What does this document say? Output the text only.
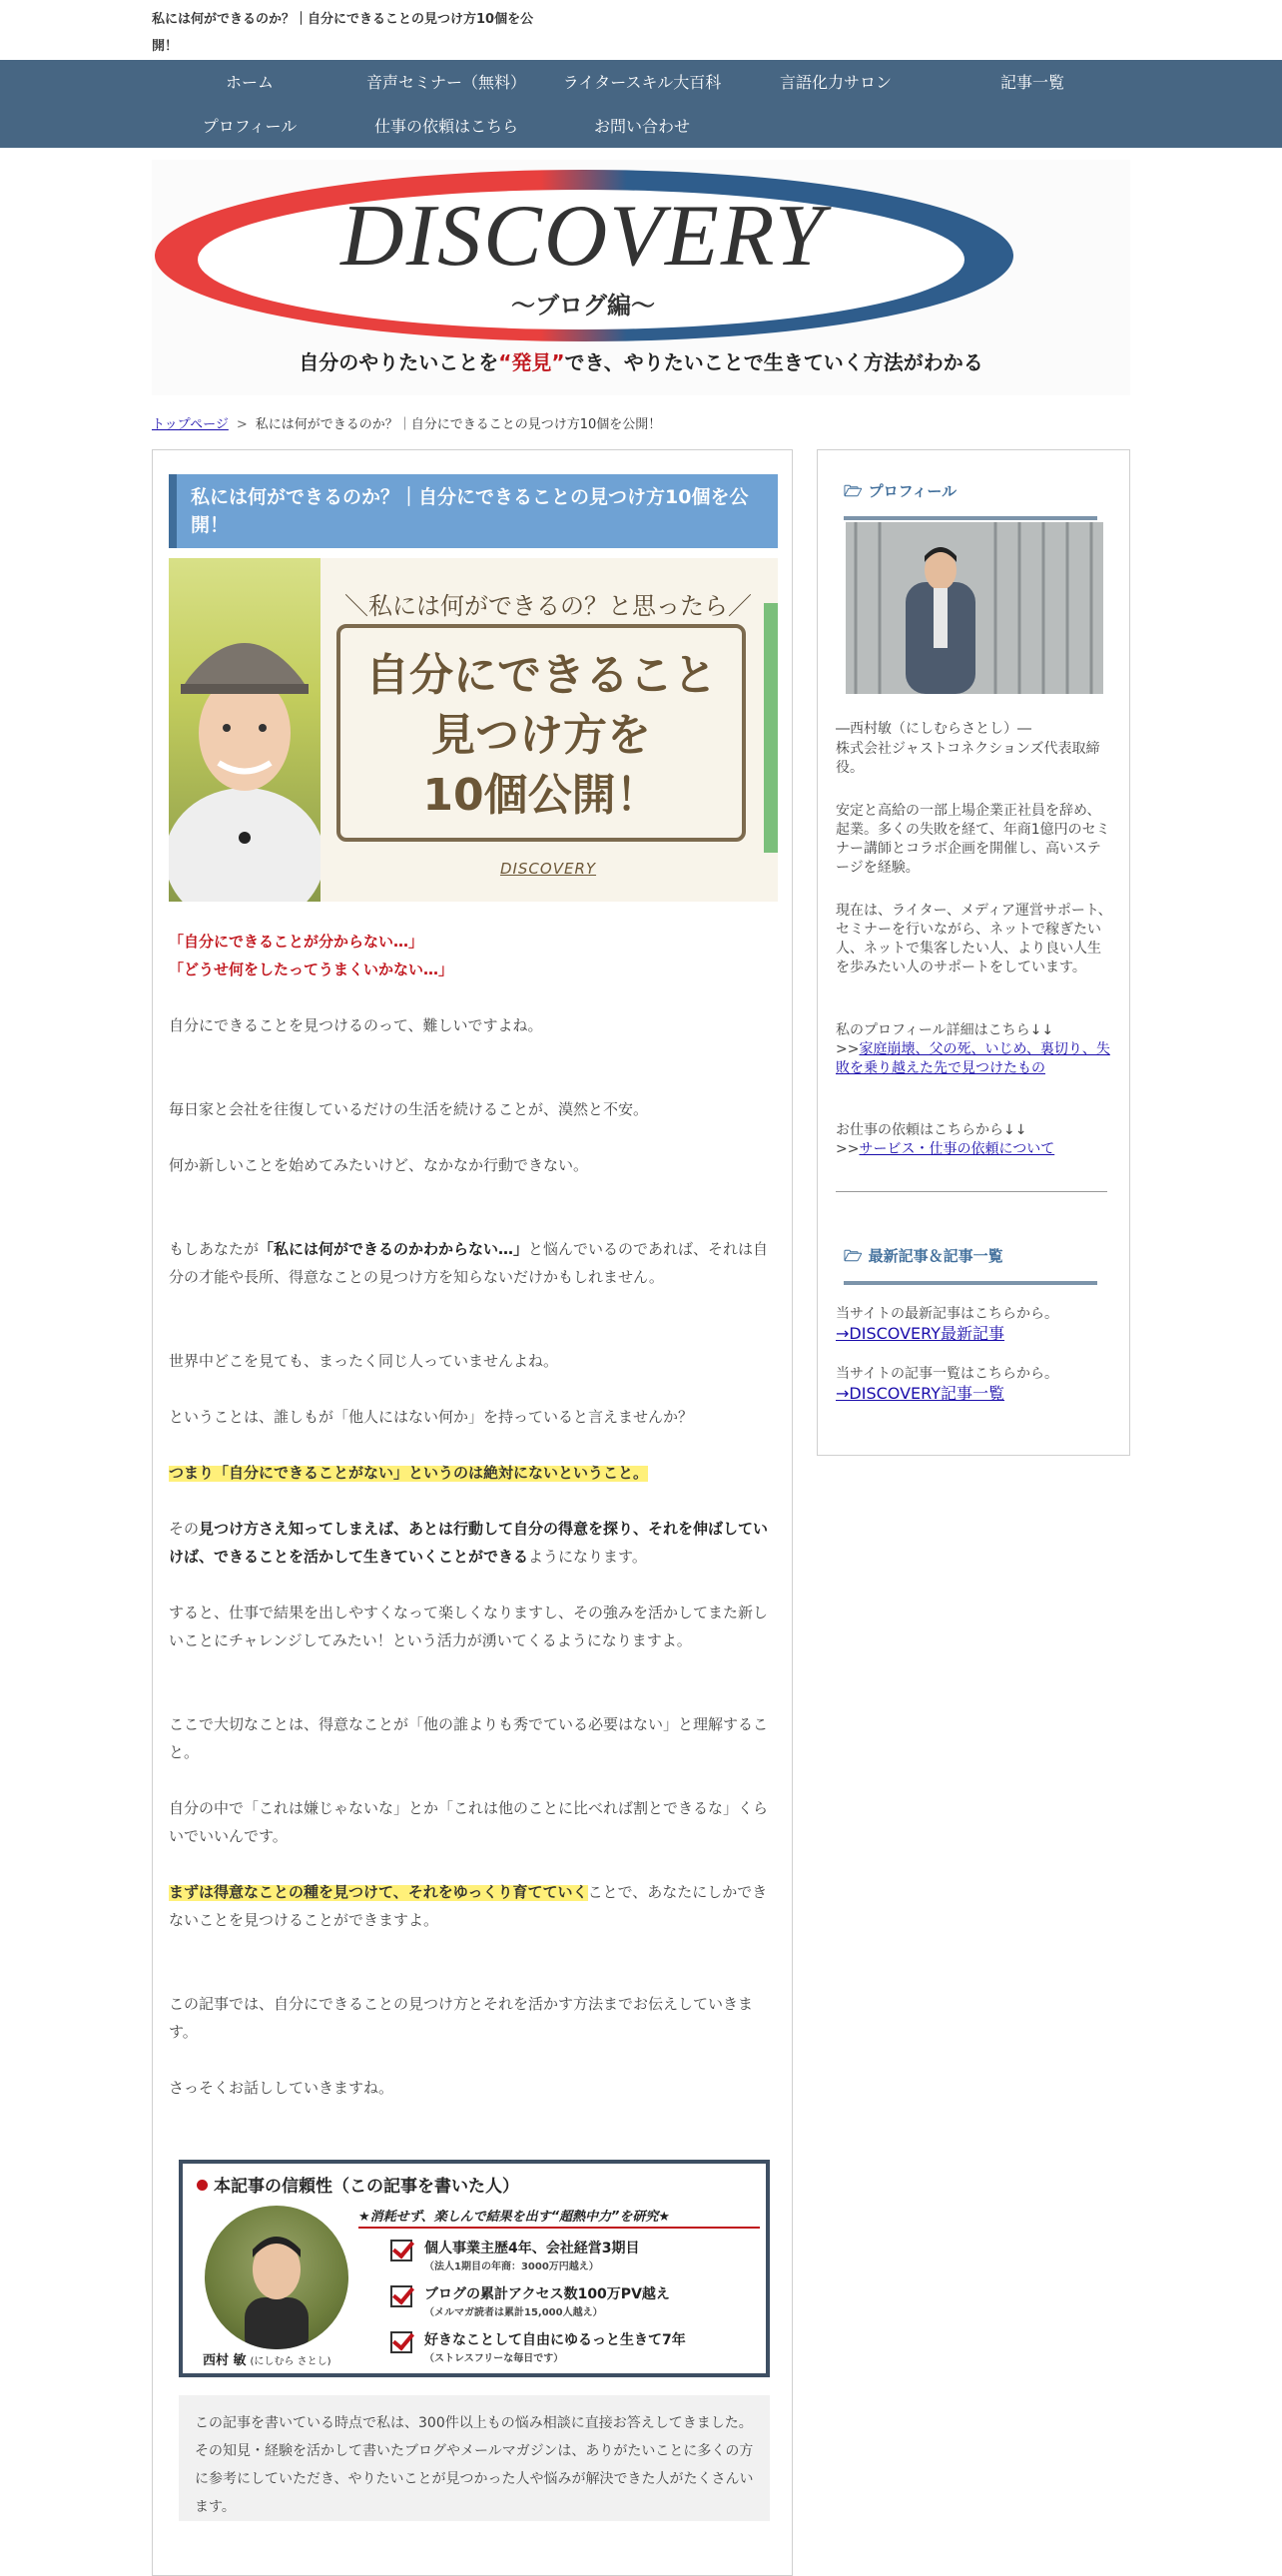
私には何ができるのか？｜自分にできることの見つけ方10個を公開！
ホーム	音声セミナー（無料）	ライタースキル大百科	言語化力サロン	記事一覧
プロフィール	仕事の依頼はこちら	お問い合わせ
DISCOVERY
〜ブログ編〜
自分のやりたいことを“発見”でき、やりたいことで生きていく方法がわかる
トップページ > 私には何ができるのか？｜自分にできることの見つけ方10個を公開！
私には何ができるのか？｜自分にできることの見つけ方10個を公開！
＼私には何ができるの？と思ったら／
自分にできること
見つけ方を
10個公開！
DISCOVERY
「自分にできることが分からない…」
「どうせ何をしたってうまくいかない…」
自分にできることを見つけるのって、難しいですよね。
毎日家と会社を往復しているだけの生活を続けることが、漠然と不安。
何か新しいことを始めてみたいけど、なかなか行動できない。
もしあなたが「私には何ができるのかわからない…」と悩んでいるのであれば、それは自分の才能や長所、得意なことの見つけ方を知らないだけかもしれません。
世界中どこを見ても、まったく同じ人っていませんよね。
ということは、誰しもが「他人にはない何か」を持っていると言えませんか？
つまり「自分にできることがない」というのは絶対にないということ。
その見つけ方さえ知ってしまえば、あとは行動して自分の得意を探り、それを伸ばしていけば、できることを活かして生きていくことができるようになります。
すると、仕事で結果を出しやすくなって楽しくなりますし、その強みを活かしてまた新しいことにチャレンジしてみたい！という活力が湧いてくるようになりますよ。
ここで大切なことは、得意なことが「他の誰よりも秀でている必要はない」と理解すること。
自分の中で「これは嫌じゃないな」とか「これは他のことに比べれば割とできるな」くらいでいいんです。
まずは得意なことの種を見つけて、それをゆっくり育てていくことで、あなたにしかできないことを見つけることができますよ。
この記事では、自分にできることの見つけ方とそれを活かす方法までお伝えしていきます。
さっそくお話ししていきますね。
本記事の信頼性（この記事を書いた人）
★消耗せず、楽しんで結果を出す“超熱中力”を研究★
西村 敏 (にしむら さとし)
個人事業主歴4年、会社経営3期目
（法人1期目の年商：3000万円越え）
ブログの累計アクセス数100万PV越え
（メルマガ読者は累計15,000人越え）
好きなことして自由にゆるっと生きて7年
（ストレスフリーな毎日です）
この記事を書いている時点で私は、300件以上もの悩み相談に直接お答えしてきました。その知見・経験を活かして書いたブログやメールマガジンは、ありがたいことに多くの方に参考にしていただき、やりたいことが見つかった人や悩みが解決できた人がたくさんいます。
🗁 プロフィール
―西村敏（にしむらさとし）―
株式会社ジャストコネクションズ代表取締役。
安定と高給の一部上場企業正社員を辞め、起業。多くの失敗を経て、年商1億円のセミナー講師とコラボ企画を開催し、高いステージを経験。
現在は、ライター、メディア運営サポート、セミナーを行いながら、ネットで稼ぎたい人、ネットで集客したい人、より良い人生を歩みたい人のサポートをしています。
私のプロフィール詳細はこちら↓↓
>>家庭崩壊、父の死、いじめ、裏切り、失敗を乗り越えた先で見つけたもの
お仕事の依頼はこちらから↓↓
>>サービス・仕事の依頼について
🗁 最新記事＆記事一覧
当サイトの最新記事はこちらから。
→DISCOVERY最新記事
当サイトの記事一覧はこちらから。
→DISCOVERY記事一覧
